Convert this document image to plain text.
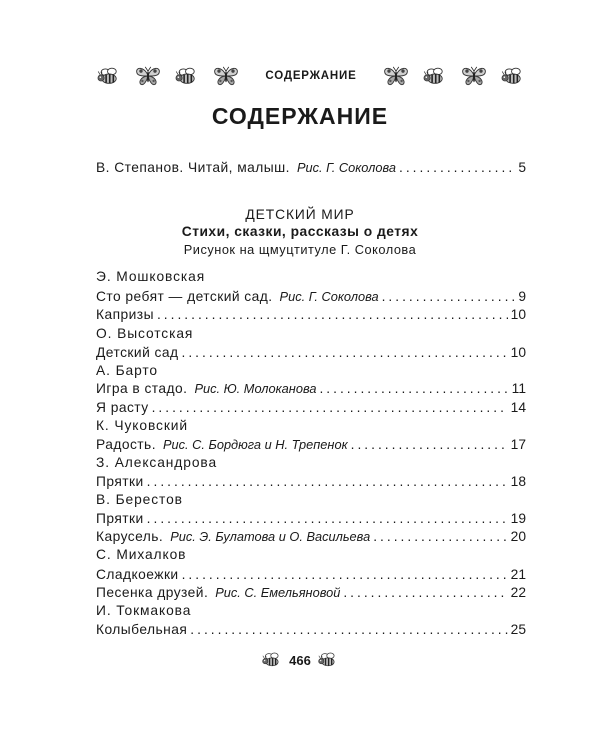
СОДЕРЖАНИЕ
СОДЕРЖАНИЕ
В. Степанов. Читай, малыш. Рис. Г. Соколова .....	5
ДЕТСКИЙ МИР
Стихи, сказки, рассказы о детях
Рисунок на щмуцтитуле Г. Соколова
Э. Мошковская
Сто ребят — детский сад. Рис. Г. Соколова .....	9
Капризы .....	10
О. Высотская
Детский сад .....	10
А. Барто
Игра в стадо. Рис. Ю. Молоканова .....	11
Я расту .....	14
К. Чуковский
Радость. Рис. С. Бордюга и Н. Трепенок .....	17
З. Александрова
Прятки .....	18
В. Берестов
Прятки .....	19
Карусель. Рис. Э. Булатова и О. Васильева .....	20
С. Михалков
Сладкоежки .....	21
Песенка друзей. Рис. С. Емельяновой .....	22
И. Токмакова
Колыбельная .....	25
466
